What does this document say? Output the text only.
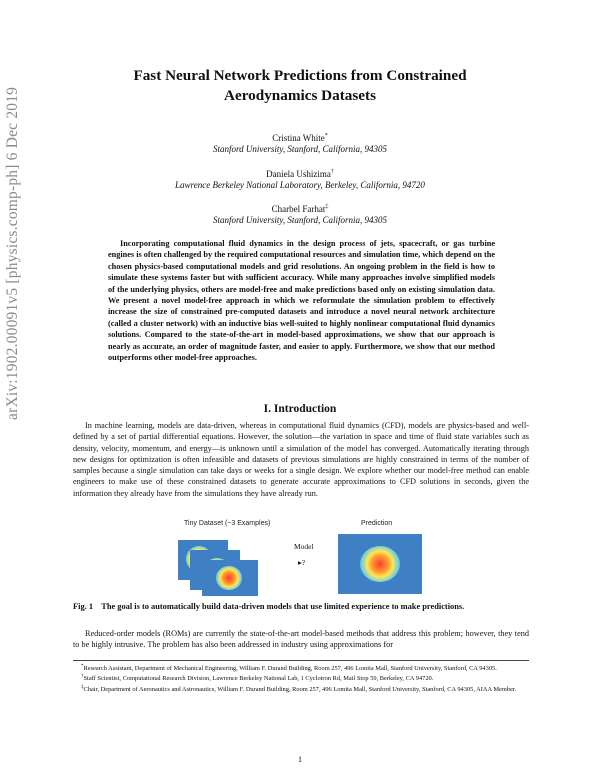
arXiv:1902.00091v5 [physics.comp-ph] 6 Dec 2019
Fast Neural Network Predictions from Constrained
Aerodynamics Datasets
Cristina White*
Stanford University, Stanford, California, 94305
Daniela Ushizima†
Lawrence Berkeley National Laboratory, Berkeley, California, 94720
Charbel Farhat‡
Stanford University, Stanford, California, 94305
Incorporating computational fluid dynamics in the design process of jets, spacecraft, or gas turbine engines is often challenged by the required computational resources and simulation time, which depend on the chosen physics-based computational models and grid resolutions. An ongoing problem in the field is how to simulate these systems faster but with sufficient accuracy. While many approaches involve simplified models of the underlying physics, others are model-free and make predictions based only on existing simulation data. We present a novel model-free approach in which we reformulate the simulation problem to effectively increase the size of constrained pre-computed datasets and introduce a novel neural network architecture (called a cluster network) with an inductive bias well-suited to highly nonlinear computational fluid dynamics solutions. Compared to the state-of-the-art in model-based approximations, we show that our approach is nearly as accurate, an order of magnitude faster, and easier to apply. Furthermore, we show that our method outperforms other model-free approaches.
I. Introduction
In machine learning, models are data-driven, whereas in computational fluid dynamics (CFD), models are physics-based and well-defined by a set of partial differential equations. However, the solution—the variation in space and time of fluid state variables such as density, velocity, momentum, and energy—is unknown until a simulation of the model has converged. Automatically iterating through new designs for optimization is often infeasible and datasets of previous simulations are highly constrained in terms of the number of samples because a single simulation can take days or weeks for a single design. We explore whether our model-free method can enable engineers to make use of these constrained datasets to generate accurate approximations to CFD solutions in seconds, given the information they already have from the simulations they have already run.
Tiny Dataset (~3 Examples)	Prediction
Model
▸?
Fig. 1 The goal is to automatically build data-driven models that use limited experience to make predictions.
Reduced-order models (ROMs) are currently the state-of-the-art model-based methods that address this problem; however, they tend to be highly intrusive. The problem has also been addressed in industry using approximations for
*Research Assistant, Department of Mechanical Engineering, William F. Durand Building, Room 257, 496 Lomita Mall, Stanford University, Stanford, CA 94305.
†Staff Scientist, Computational Research Division, Lawrence Berkeley National Lab, 1 Cyclotron Rd, Mail Stop 59, Berkeley, CA 94720.
‡Chair, Department of Aeronautics and Astronautics, William F. Durand Building, Room 257, 496 Lomita Mall, Stanford University, Stanford, CA 94305, AIAA Member.
1
